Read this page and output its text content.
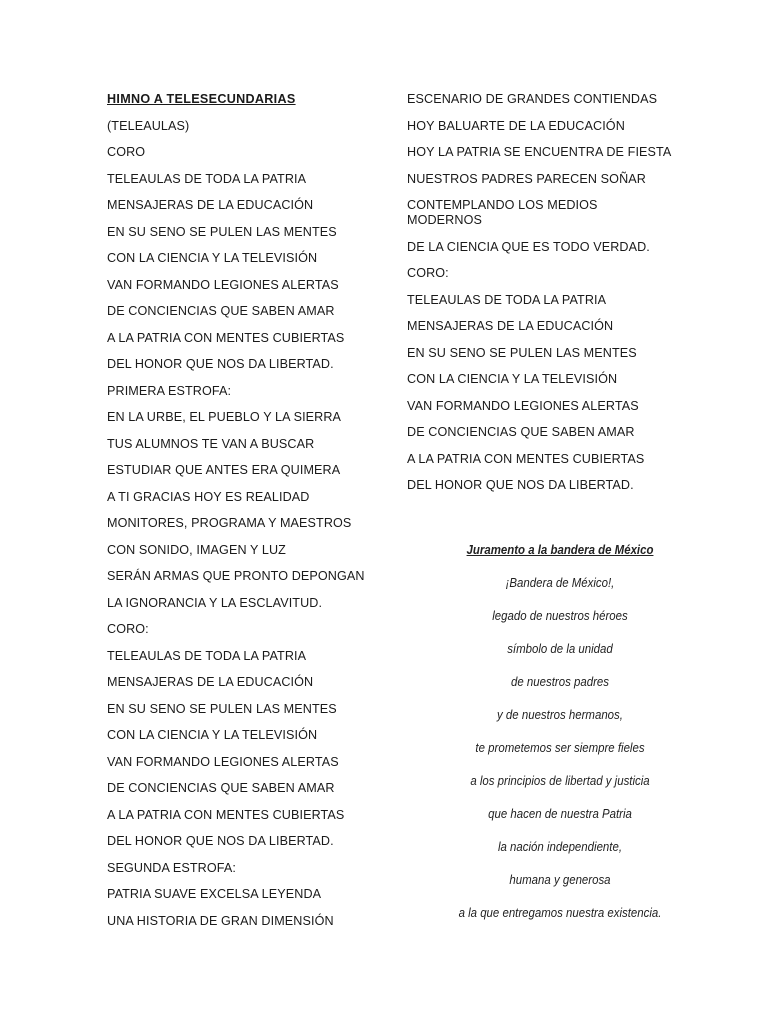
HIMNO A TELESECUNDARIAS
(TELEAULAS)
CORO
TELEAULAS DE TODA LA PATRIA
MENSAJERAS DE LA EDUCACIÓN
EN SU SENO SE PULEN LAS MENTES
CON LA CIENCIA Y LA TELEVISIÓN
VAN FORMANDO LEGIONES ALERTAS
DE CONCIENCIAS QUE SABEN AMAR
A LA PATRIA CON MENTES CUBIERTAS
DEL HONOR QUE NOS DA LIBERTAD.
PRIMERA ESTROFA:
EN LA URBE, EL PUEBLO Y LA SIERRA
TUS ALUMNOS TE VAN A BUSCAR
ESTUDIAR QUE ANTES ERA QUIMERA
A TI GRACIAS HOY ES REALIDAD
MONITORES, PROGRAMA Y MAESTROS
CON SONIDO, IMAGEN Y LUZ
SERÁN ARMAS QUE PRONTO DEPONGAN
LA IGNORANCIA Y LA ESCLAVITUD.
CORO:
TELEAULAS DE TODA LA PATRIA
MENSAJERAS DE LA EDUCACIÓN
EN SU SENO SE PULEN LAS MENTES
CON LA CIENCIA Y LA TELEVISIÓN
VAN FORMANDO LEGIONES ALERTAS
DE CONCIENCIAS QUE SABEN AMAR
A LA PATRIA CON MENTES CUBIERTAS
DEL HONOR QUE NOS DA LIBERTAD.
SEGUNDA ESTROFA:
PATRIA SUAVE EXCELSA LEYENDA
UNA HISTORIA DE GRAN DIMENSIÓN
ESCENARIO DE GRANDES CONTIENDAS
HOY BALUARTE DE LA EDUCACIÓN
HOY LA PATRIA SE ENCUENTRA DE FIESTA
NUESTROS PADRES PARECEN SOÑAR
CONTEMPLANDO LOS MEDIOS MODERNOS
DE LA CIENCIA QUE ES TODO VERDAD.
CORO:
TELEAULAS DE TODA LA PATRIA
MENSAJERAS DE LA EDUCACIÓN
EN SU SENO SE PULEN LAS MENTES
CON LA CIENCIA Y LA TELEVISIÓN
VAN FORMANDO LEGIONES ALERTAS
DE CONCIENCIAS QUE SABEN AMAR
A LA PATRIA CON MENTES CUBIERTAS
DEL HONOR QUE NOS DA LIBERTAD.
Juramento a la bandera de México
¡Bandera de México!,
legado de nuestros héroes
símbolo de la unidad
de nuestros padres
y de nuestros hermanos,
te prometemos ser siempre fieles
a los principios de libertad y justicia
que hacen de nuestra Patria
la nación independiente,
humana y generosa
a la que entregamos nuestra existencia.
